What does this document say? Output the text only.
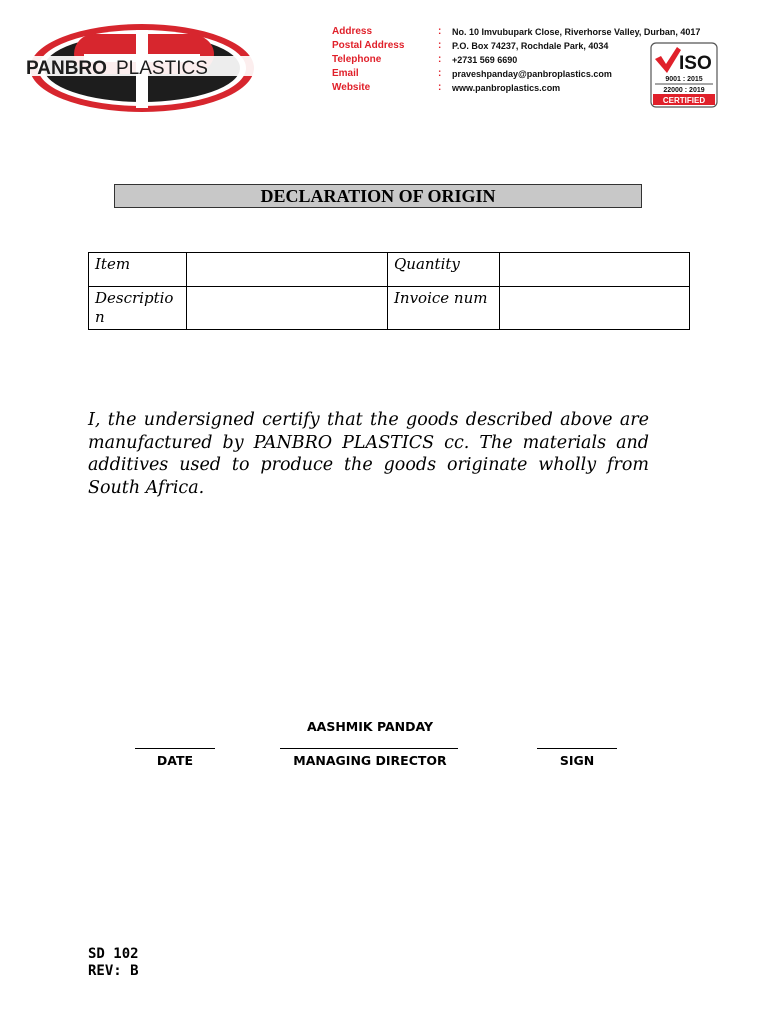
PANBRO PLASTICS
Address	: No. 10 Imvubupark Close, Riverhorse Valley, Durban, 4017
Postal Address	: P.O. Box 74237, Rochdale Park, 4034
Telephone	: +2731 569 6690
Email	: praveshpanday@panbroplastics.com
Website	: www.panbroplastics.com
ISO
9001 : 2015
22000 : 2019
CERTIFIED
DECLARATION OF ORIGIN
Item		Quantity	
Descriptio
n		Invoice num	
I, the undersigned certify that the goods described above are manufactured by PANBRO PLASTICS cc. The materials and additives used to produce the goods originate wholly from South Africa.
AASHMIK PANDAY
DATE	MANAGING DIRECTOR	SIGN
SD 102
REV: B
